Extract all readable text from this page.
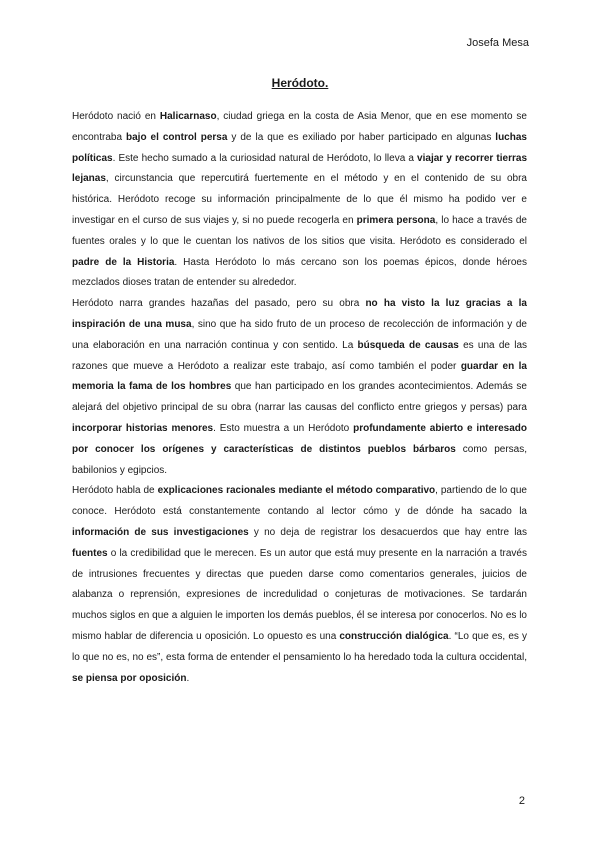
Josefa Mesa
Heródoto.

Heródoto nació en Halicarnaso, ciudad griega en la costa de Asia Menor, que en ese momento se encontraba bajo el control persa y de la que es exiliado por haber participado en algunas luchas políticas. Este hecho sumado a la curiosidad natural de Heródoto, lo lleva a viajar y recorrer tierras lejanas, circunstancia que repercutirá fuertemente en el método y en el contenido de su obra histórica. Heródoto recoge su información principalmente de lo que él mismo ha podido ver e investigar en el curso de sus viajes y, si no puede recogerla en primera persona, lo hace a través de fuentes orales y lo que le cuentan los nativos de los sitios que visita. Heródoto es considerado el padre de la Historia. Hasta Heródoto lo más cercano son los poemas épicos, donde héroes mezclados dioses tratan de entender su alrededor.

Heródoto narra grandes hazañas del pasado, pero su obra no ha visto la luz gracias a la inspiración de una musa, sino que ha sido fruto de un proceso de recolección de información y de una elaboración en una narración continua y con sentido. La búsqueda de causas es una de las razones que mueve a Heródoto a realizar este trabajo, así como también el poder guardar en la memoria la fama de los hombres que han participado en los grandes acontecimientos. Además se alejará del objetivo principal de su obra (narrar las causas del conflicto entre griegos y persas) para incorporar historias menores. Esto muestra a un Heródoto profundamente abierto e interesado por conocer los orígenes y características de distintos pueblos bárbaros como persas, babilonios y egipcios.

Heródoto habla de explicaciones racionales mediante el método comparativo, partiendo de lo que conoce. Heródoto está constantemente contando al lector cómo y de dónde ha sacado la información de sus investigaciones y no deja de registrar los desacuerdos que hay entre las fuentes o la credibilidad que le merecen. Es un autor que está muy presente en la narración a través de intrusiones frecuentes y directas que pueden darse como comentarios generales, juicios de alabanza o reprensión, expresiones de incredulidad o conjeturas de motivaciones. Se tardarán muchos siglos en que a alguien le importen los demás pueblos, él se interesa por conocerlos. No es lo mismo hablar de diferencia u oposición. Lo opuesto es una construcción dialógica. “Lo que es, es y lo que no es, no es”, esta forma de entender el pensamiento lo ha heredado toda la cultura occidental, se piensa por oposición.

2
